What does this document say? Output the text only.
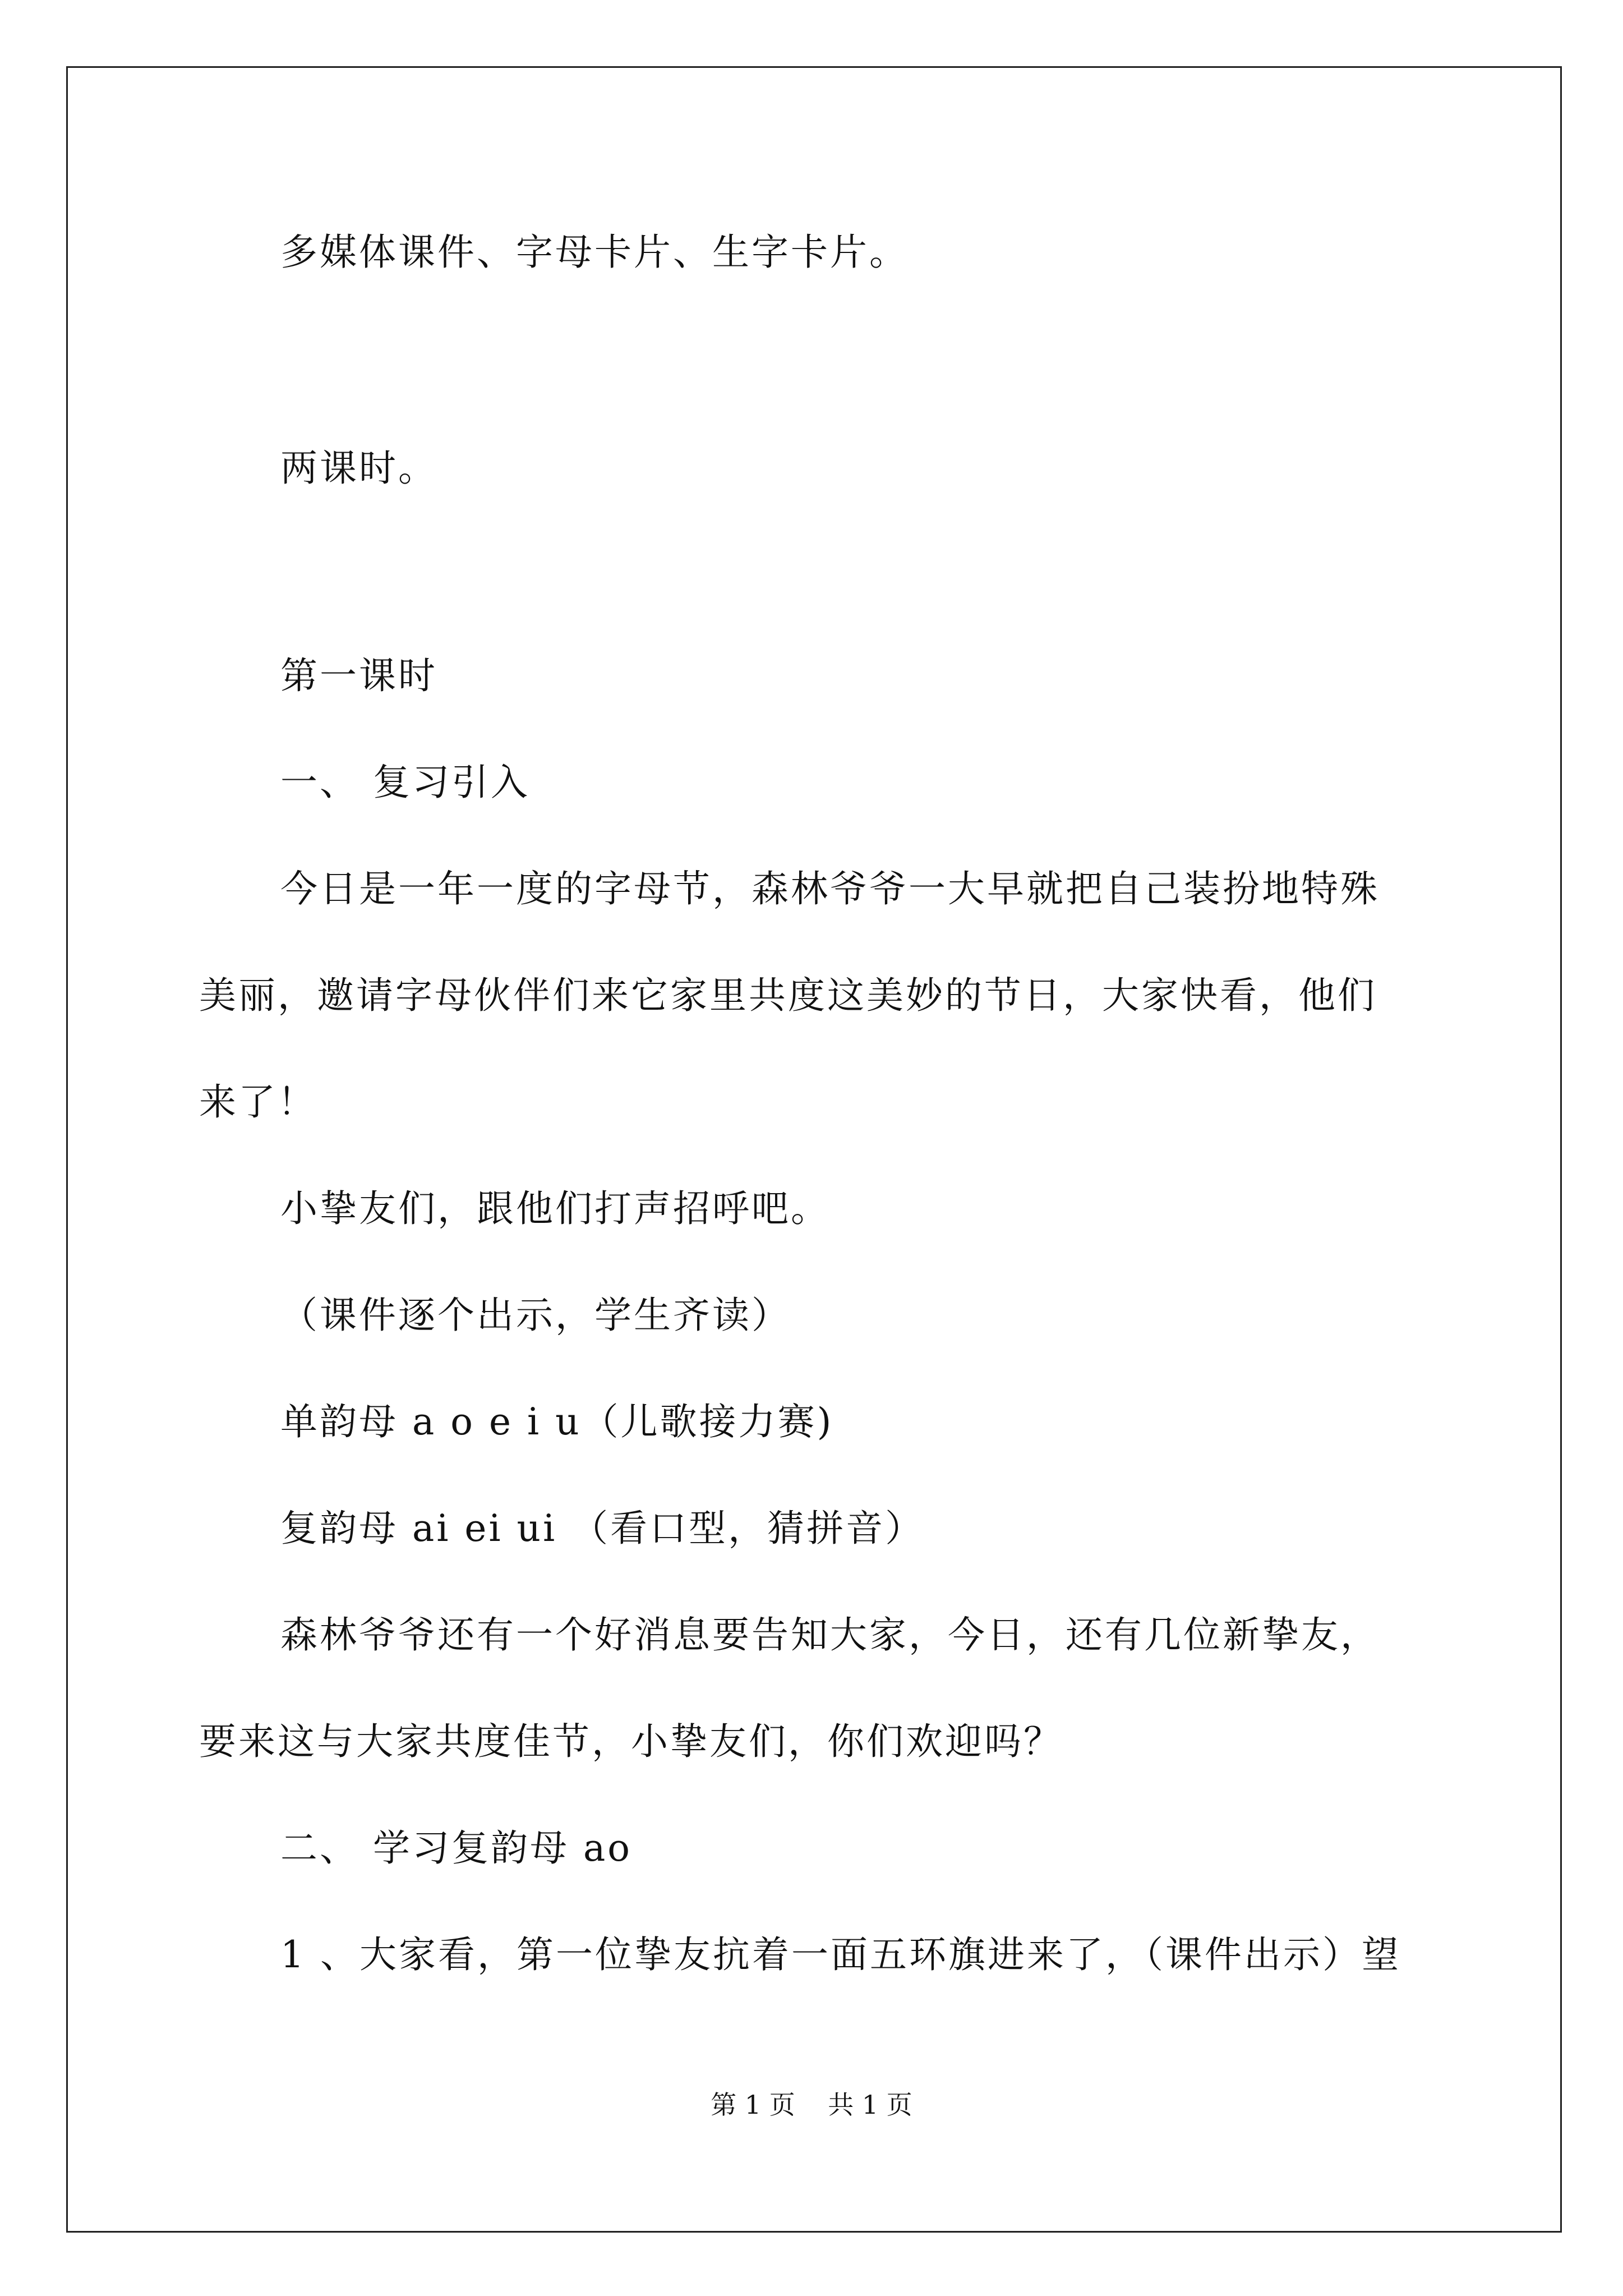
多媒体课件、字母卡片、生字卡片。
两课时。
第一课时
一、 复习引入
今日是一年一度的字母节，森林爷爷一大早就把自己装扮地特殊
美丽，邀请字母伙伴们来它家里共度这美妙的节日，大家快看，他们
来了！
小挚友们，跟他们打声招呼吧。
（课件逐个出示，学生齐读）
单韵母 a o e i u（儿歌接力赛)
复韵母 ai ei ui （看口型，猜拼音）
森林爷爷还有一个好消息要告知大家，今日，还有几位新挚友，
要来这与大家共度佳节，小挚友们，你们欢迎吗？
二、 学习复韵母 ao
1 、大家看，第一位挚友抗着一面五环旗进来了，（课件出示）望
第 1 页    共 1 页
